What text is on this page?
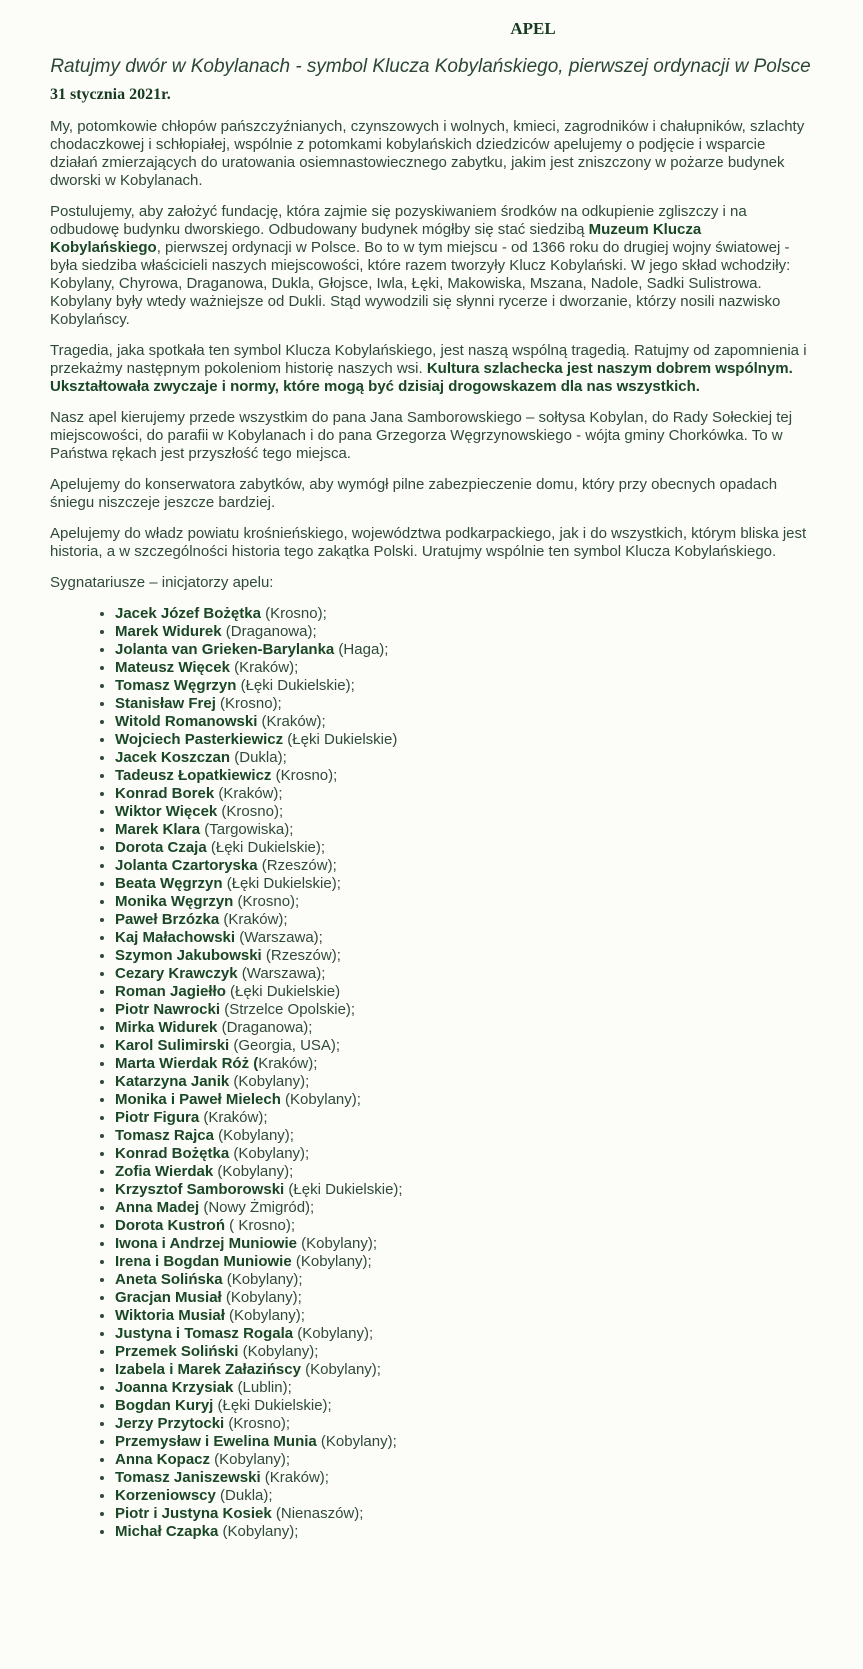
APEL
Ratujmy dwór w Kobylanach - symbol Klucza Kobylańskiego, pierwszej ordynacji w Polsce

31 stycznia 2021r.

My, potomkowie chłopów pańszczyźnianych, czynszowych i wolnych, kmieci, zagrodników i chałupników, szlachty chodaczkowej i schłopiałej, wspólnie z potomkami kobylańskich dziedziców apelujemy o podjęcie i wsparcie działań zmierzających do uratowania osiemnastowiecznego zabytku, jakim jest zniszczony w pożarze budynek dworski w Kobylanach.

Postulujemy, aby założyć fundację, która zajmie się pozyskiwaniem środków na odkupienie zgliszczy i na odbudowę budynku dworskiego. Odbudowany budynek mógłby się stać siedzibą Muzeum Klucza Kobylańskiego, pierwszej ordynacji w Polsce. Bo to w tym miejscu - od 1366 roku do drugiej wojny światowej - była siedziba właścicieli naszych miejscowości, które razem tworzyły Klucz Kobylański. W jego skład wchodziły: Kobylany, Chyrowa, Draganowa, Dukla, Głojsce, Iwla, Łęki, Makowiska, Mszana, Nadole, Sadki Sulistrowa. Kobylany były wtedy ważniejsze od Dukli. Stąd wywodzili się słynni rycerze i dworzanie, którzy nosili nazwisko Kobylańscy.

Tragedia, jaka spotkała ten symbol Klucza Kobylańskiego, jest naszą wspólną tragedią. Ratujmy od zapomnienia i przekażmy następnym pokoleniom historię naszych wsi. Kultura szlachecka jest naszym dobrem wspólnym. Ukształtowała zwyczaje i normy, które mogą być dzisiaj drogowskazem dla nas wszystkich.

Nasz apel kierujemy przede wszystkim do pana Jana Samborowskiego – sołtysa Kobylan, do Rady Sołeckiej tej miejscowości, do parafii w Kobylanach i do pana Grzegorza Węgrzynowskiego - wójta gminy Chorkówka. To w Państwa rękach jest przyszłość tego miejsca.

Apelujemy do konserwatora zabytków, aby wymógł pilne zabezpieczenie domu, który przy obecnych opadach śniegu niszczeje jeszcze bardziej.

Apelujemy do władz powiatu krośnieńskiego, województwa podkarpackiego, jak i do wszystkich, którym bliska jest historia, a w szczególności historia tego zakątka Polski. Uratujmy wspólnie ten symbol Klucza Kobylańskiego.

Sygnatariusze – inicjatorzy apelu:

• Jacek Józef Bożętka (Krosno);
• Marek Widurek (Draganowa);
• Jolanta van Grieken-Barylanka (Haga);
• Mateusz Więcek (Kraków);
• Tomasz Węgrzyn (Łęki Dukielskie);
• Stanisław Frej (Krosno);
• Witold Romanowski (Kraków);
• Wojciech Pasterkiewicz (Łęki Dukielskie)
• Jacek Koszczan (Dukla);
• Tadeusz Łopatkiewicz (Krosno);
• Konrad Borek (Kraków);
• Wiktor Więcek (Krosno);
• Marek Klara (Targowiska);
• Dorota Czaja (Łęki Dukielskie);
• Jolanta Czartoryska (Rzeszów);
• Beata Węgrzyn (Łęki Dukielskie);
• Monika Węgrzyn (Krosno);
• Paweł Brzózka (Kraków);
• Kaj Małachowski (Warszawa);
• Szymon Jakubowski (Rzeszów);
• Cezary Krawczyk (Warszawa);
• Roman Jagiełło (Łęki Dukielskie)
• Piotr Nawrocki (Strzelce Opolskie);
• Mirka Widurek (Draganowa);
• Karol Sulimirski (Georgia, USA);
• Marta Wierdak Róż (Kraków);
• Katarzyna Janik (Kobylany);
• Monika i Paweł Mielech (Kobylany);
• Piotr Figura (Kraków);
• Tomasz Rajca (Kobylany);
• Konrad Bożętka (Kobylany);
• Zofia Wierdak (Kobylany);
• Krzysztof Samborowski (Łęki Dukielskie);
• Anna Madej (Nowy Żmigród);
• Dorota Kustroń ( Krosno);
• Iwona i Andrzej Muniowie (Kobylany);
• Irena i Bogdan Muniowie (Kobylany);
• Aneta Solińska (Kobylany);
• Gracjan Musiał (Kobylany);
• Wiktoria Musiał (Kobylany);
• Justyna i Tomasz Rogala (Kobylany);
• Przemek Soliński (Kobylany);
• Izabela i Marek Załazińscy (Kobylany);
• Joanna Krzysiak (Lublin);
• Bogdan Kuryj (Łęki Dukielskie);
• Jerzy Przytocki (Krosno);
• Przemysław i Ewelina Munia (Kobylany);
• Anna Kopacz (Kobylany);
• Tomasz Janiszewski (Kraków);
• Korzeniowscy (Dukla);
• Piotr i Justyna Kosiek (Nienaszów);
• Michał Czapka (Kobylany);
